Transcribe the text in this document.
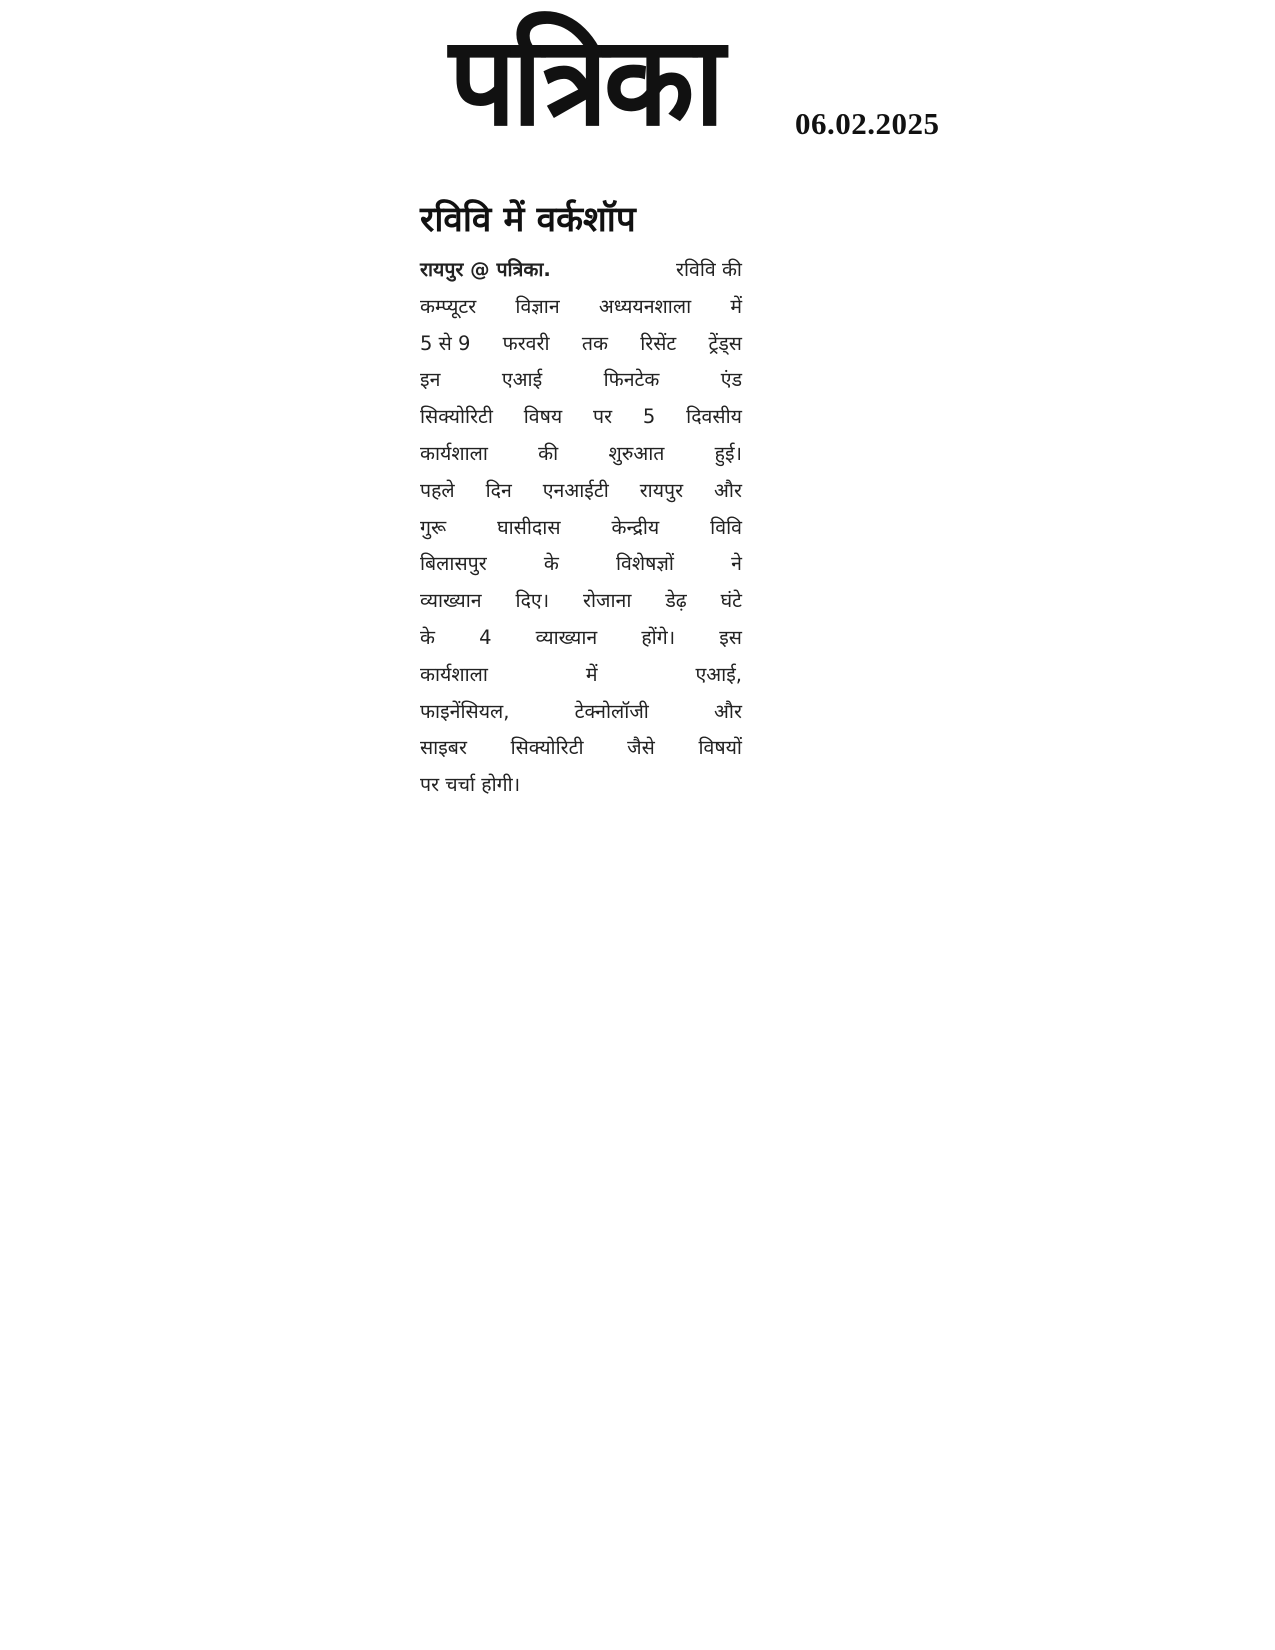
पत्रिका 06.02.2025
रविवि में वर्कशॉप
रायपुर @ पत्रिका.	रविवि की
कम्प्यूटर विज्ञान अध्ययनशाला में
5 से 9 फरवरी तक रिसेंट ट्रेंड्स
इन	एआई	फिनटेक	एंड
सिक्योरिटी विषय पर 5 दिवसीय
कार्यशाला	की	शुरुआत	हुई।
पहले दिन एनआईटी रायपुर और
गुरू	घासीदास	केन्द्रीय	विवि
बिलासपुर	के	विशेषज्ञों	ने
व्याख्यान दिए। रोजाना डेढ़ घंटे
के 4 व्याख्यान होंगे। इस
कार्यशाला	में	एआई,
फाइनेंसियल,	टेक्नोलॉजी	और
साइबर सिक्योरिटी जैसे विषयों
पर चर्चा होगी।
